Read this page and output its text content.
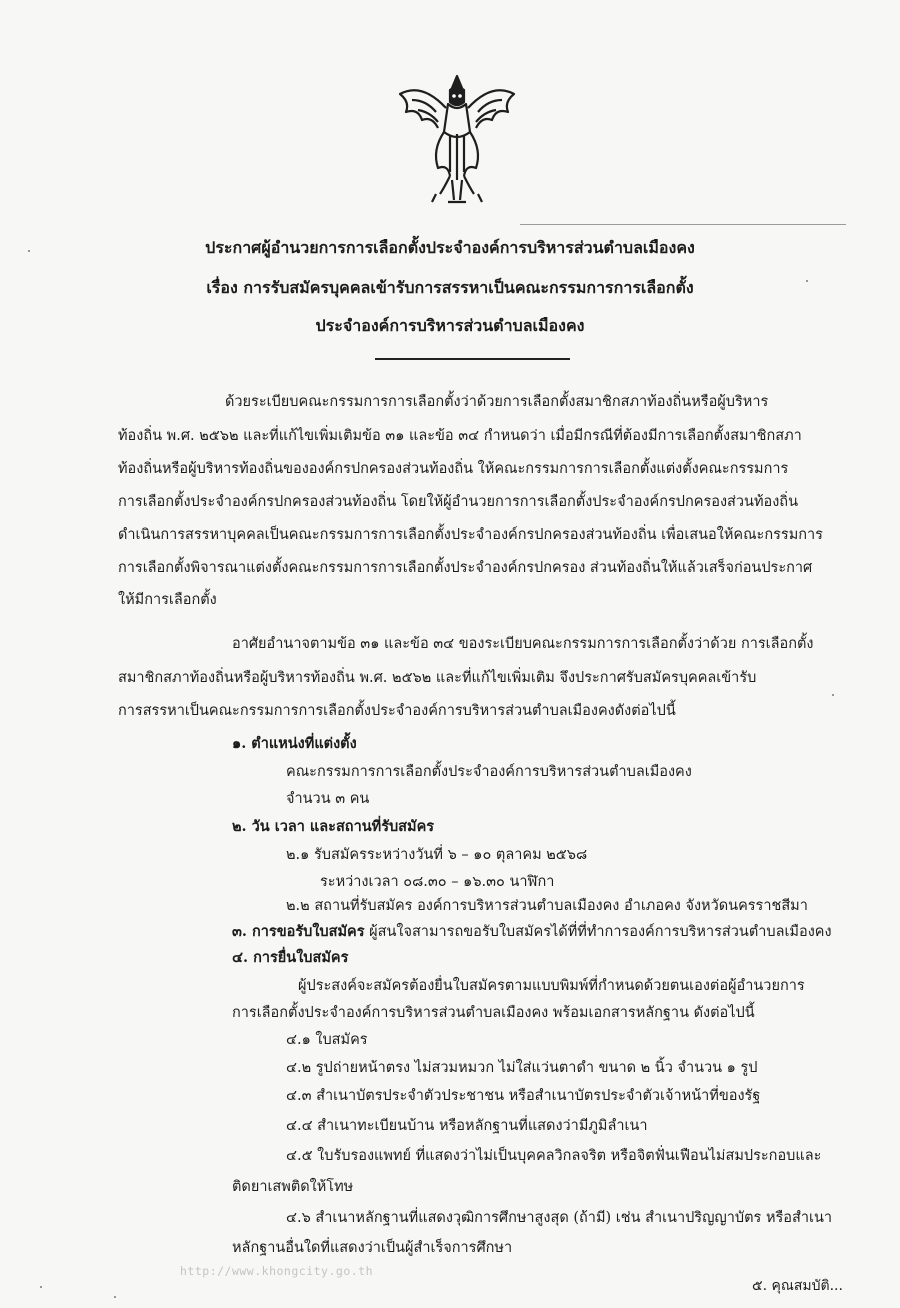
ประกาศผู้อำนวยการการเลือกตั้งประจำองค์การบริหารส่วนตำบลเมืองคง
เรื่อง การรับสมัครบุคคลเข้ารับการสรรหาเป็นคณะกรรมการการเลือกตั้ง
ประจำองค์การบริหารส่วนตำบลเมืองคง
ด้วยระเบียบคณะกรรมการการเลือกตั้งว่าด้วยการเลือกตั้งสมาชิกสภาท้องถิ่นหรือผู้บริหาร
ท้องถิ่น พ.ศ. ๒๕๖๒ และที่แก้ไขเพิ่มเติมข้อ ๓๑ และข้อ ๓๔ กำหนดว่า เมื่อมีกรณีที่ต้องมีการเลือกตั้งสมาชิกสภา
ท้องถิ่นหรือผู้บริหารท้องถิ่นขององค์กรปกครองส่วนท้องถิ่น ให้คณะกรรมการการเลือกตั้งแต่งตั้งคณะกรรมการ
การเลือกตั้งประจำองค์กรปกครองส่วนท้องถิ่น โดยให้ผู้อำนวยการการเลือกตั้งประจำองค์กรปกครองส่วนท้องถิ่น
ดำเนินการสรรหาบุคคลเป็นคณะกรรมการการเลือกตั้งประจำองค์กรปกครองส่วนท้องถิ่น เพื่อเสนอให้คณะกรรมการ
การเลือกตั้งพิจารณาแต่งตั้งคณะกรรมการการเลือกตั้งประจำองค์กรปกครอง ส่วนท้องถิ่นให้แล้วเสร็จก่อนประกาศ
ให้มีการเลือกตั้ง
อาศัยอำนาจตามข้อ ๓๑ และข้อ ๓๔ ของระเบียบคณะกรรมการการเลือกตั้งว่าด้วย การเลือกตั้ง
สมาชิกสภาท้องถิ่นหรือผู้บริหารท้องถิ่น พ.ศ. ๒๕๖๒ และที่แก้ไขเพิ่มเติม จึงประกาศรับสมัครบุคคลเข้ารับ
การสรรหาเป็นคณะกรรมการการเลือกตั้งประจำองค์การบริหารส่วนตำบลเมืองคงดังต่อไปนี้
๑. ตำแหน่งที่แต่งตั้ง
คณะกรรมการการเลือกตั้งประจำองค์การบริหารส่วนตำบลเมืองคง
จำนวน ๓ คน
๒. วัน เวลา และสถานที่รับสมัคร
๒.๑ รับสมัครระหว่างวันที่ ๖ – ๑๐ ตุลาคม ๒๕๖๘
ระหว่างเวลา ๐๘.๓๐ – ๑๖.๓๐ นาฬิกา
๒.๒ สถานที่รับสมัคร องค์การบริหารส่วนตำบลเมืองคง อำเภอคง จังหวัดนครราชสีมา
๓. การขอรับใบสมัคร ผู้สนใจสามารถขอรับใบสมัครได้ที่ที่ทำการองค์การบริหารส่วนตำบลเมืองคง
๔. การยื่นใบสมัคร
ผู้ประสงค์จะสมัครต้องยื่นใบสมัครตามแบบพิมพ์ที่กำหนดด้วยตนเองต่อผู้อำนวยการ
การเลือกตั้งประจำองค์การบริหารส่วนตำบลเมืองคง พร้อมเอกสารหลักฐาน ดังต่อไปนี้
๔.๑ ใบสมัคร
๔.๒ รูปถ่ายหน้าตรง ไม่สวมหมวก ไม่ใส่แว่นตาดำ ขนาด ๒ นิ้ว จำนวน ๑ รูป
๔.๓ สำเนาบัตรประจำตัวประชาชน หรือสำเนาบัตรประจำตัวเจ้าหน้าที่ของรัฐ
๔.๔ สำเนาทะเบียนบ้าน หรือหลักฐานที่แสดงว่ามีภูมิลำเนา
๔.๕ ใบรับรองแพทย์ ที่แสดงว่าไม่เป็นบุคคลวิกลจริต หรือจิตฟั่นเฟือนไม่สมประกอบและ
ติดยาเสพติดให้โทษ
๔.๖ สำเนาหลักฐานที่แสดงวุฒิการศึกษาสูงสุด (ถ้ามี) เช่น สำเนาปริญญาบัตร หรือสำเนา
หลักฐานอื่นใดที่แสดงว่าเป็นผู้สำเร็จการศึกษา
http://www.khongcity.go.th
๕. คุณสมบัติ...
